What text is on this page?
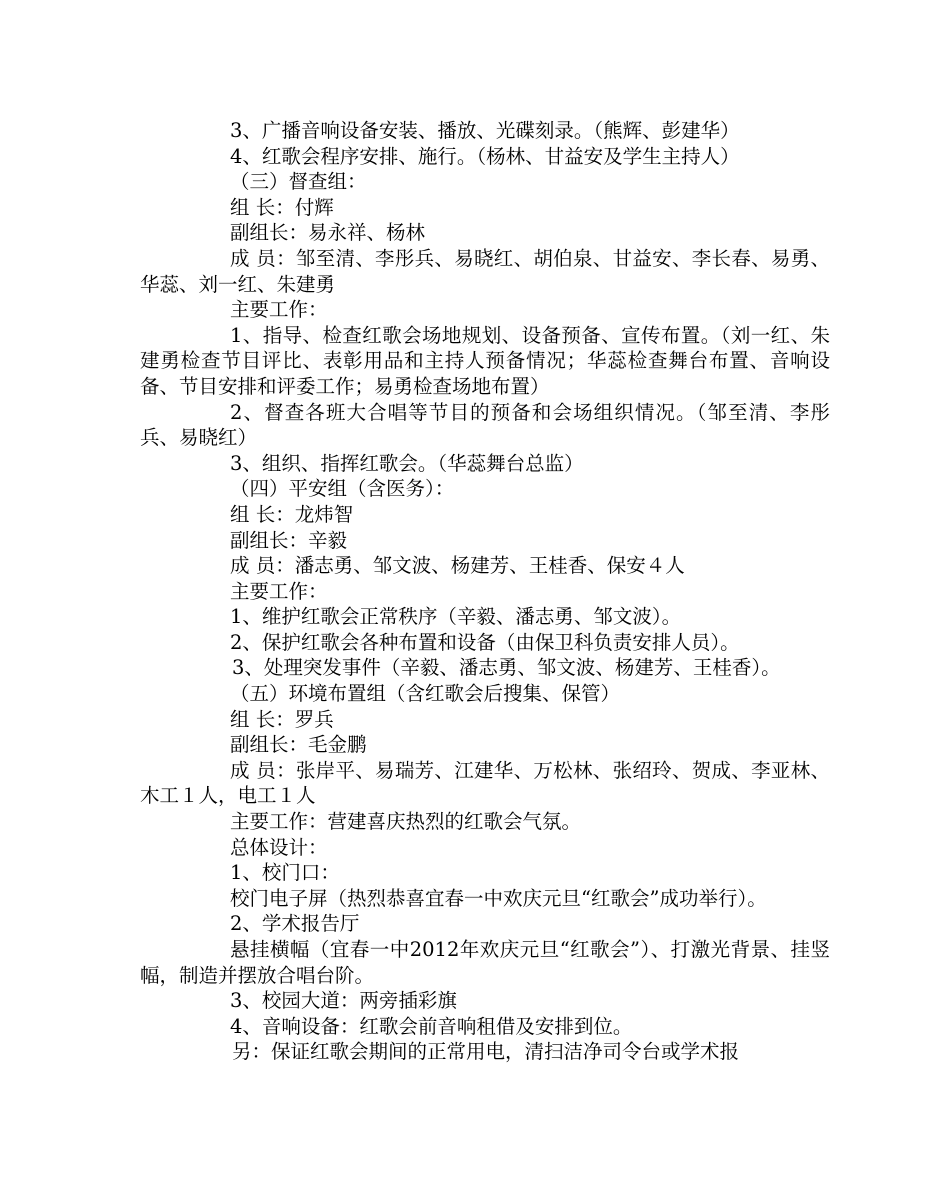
3、广播音响设备安装、播放、光碟刻录。（熊辉、彭建华）

4、红歌会程序安排、施行。（杨林、甘益安及学生主持人）

（三）督查组：

组 长：付辉

副组长：易永祥、杨林

成 员：邹至清、李彤兵、易晓红、胡伯泉、甘益安、李长春、易勇、华蕊、刘一红、朱建勇

主要工作：

1、指导、检查红歌会场地规划、设备预备、宣传布置。（刘一红、朱建勇检查节目评比、表彰用品和主持人预备情况；华蕊检查舞台布置、音响设备、节目安排和评委工作；易勇检查场地布置）

2、督查各班大合唱等节目的预备和会场组织情况。（邹至清、李彤兵、易晓红）

3、组织、指挥红歌会。（华蕊舞台总监）

（四）平安组（含医务）：

组 长：龙炜智

副组长：辛毅

成 员：潘志勇、邹文波、杨建芳、王桂香、保安４人

主要工作：

1、维护红歌会正常秩序（辛毅、潘志勇、邹文波）。

2、保护红歌会各种布置和设备（由保卫科负责安排人员）。

3、处理突发事件（辛毅、潘志勇、邹文波、杨建芳、王桂香）。

（五）环境布置组（含红歌会后搜集、保管）

组 长：罗兵

副组长：毛金鹏

成 员：张岸平、易瑞芳、江建华、万松林、张绍玲、贺成、李亚林、木工１人，电工１人

主要工作：营建喜庆热烈的红歌会气氛。

总体设计：

1、校门口：

校门电子屏（热烈恭喜宜春一中欢庆元旦“红歌会”成功举行）。

2、学术报告厅

悬挂横幅（宜春一中2012年欢庆元旦“红歌会”）、打激光背景、挂竖幅，制造并摆放合唱台阶。

3、校园大道：两旁插彩旗

4、音响设备：红歌会前音响租借及安排到位。

另：保证红歌会期间的正常用电，清扫洁净司令台或学术报
